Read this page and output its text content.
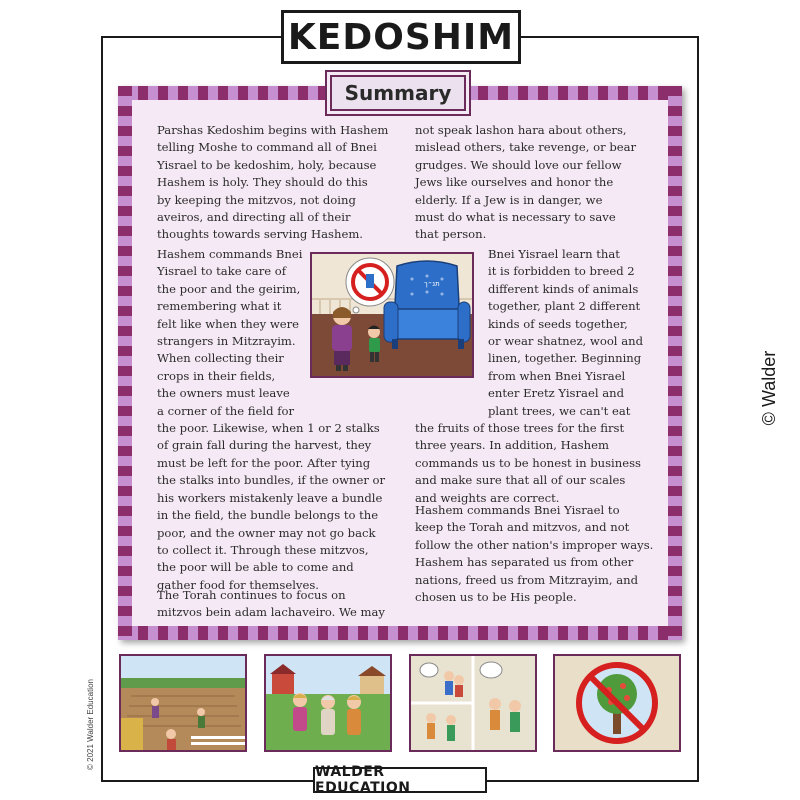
KEDOSHIM
© Walder
© 2021 Walder Education
Summary
Parshas Kedoshim begins with Hashem
telling Moshe to command all of Bnei
Yisrael to be kedoshim, holy, because
Hashem is holy. They should do this
by keeping the mitzvos, not doing
aveiros, and directing all of their
thoughts towards serving Hashem.
Hashem commands Bnei
Yisrael to take care of
the poor and the geirim,
remembering what it
felt like when they were
strangers in Mitzrayim.
When collecting their
crops in their fields,
the owners must leave
a corner of the field for
the poor. Likewise, when 1 or 2 stalks
of grain fall during the harvest, they
must be left for the poor. After tying
the stalks into bundles, if the owner or
his workers mistakenly leave a bundle
in the field, the bundle belongs to the
poor, and the owner may not go back
to collect it. Through these mitzvos,
the poor will be able to come and
gather food for themselves.
The Torah continues to focus on
mitzvos bein adam lachaveiro. We may
not speak lashon hara about others,
mislead others, take revenge, or bear
grudges. We should love our fellow
Jews like ourselves and honor the
elderly. If a Jew is in danger, we
must do what is necessary to save
that person.
Bnei Yisrael learn that
it is forbidden to breed 2
different kinds of animals
together, plant 2 different
kinds of seeds together,
or wear shatnez, wool and
linen, together. Beginning
from when Bnei Yisrael
enter Eretz Yisrael and
plant trees, we can't eat
the fruits of those trees for the first
three years. In addition, Hashem
commands us to be honest in business
and make sure that all of our scales
and weights are correct.
Hashem commands Bnei Yisrael to
keep the Torah and mitzvos, and not
follow the other nation's improper ways.
Hashem has separated us from other
nations, freed us from Mitzrayim, and
chosen us to be His people.
תנ״ך
WALDER EDUCATION
